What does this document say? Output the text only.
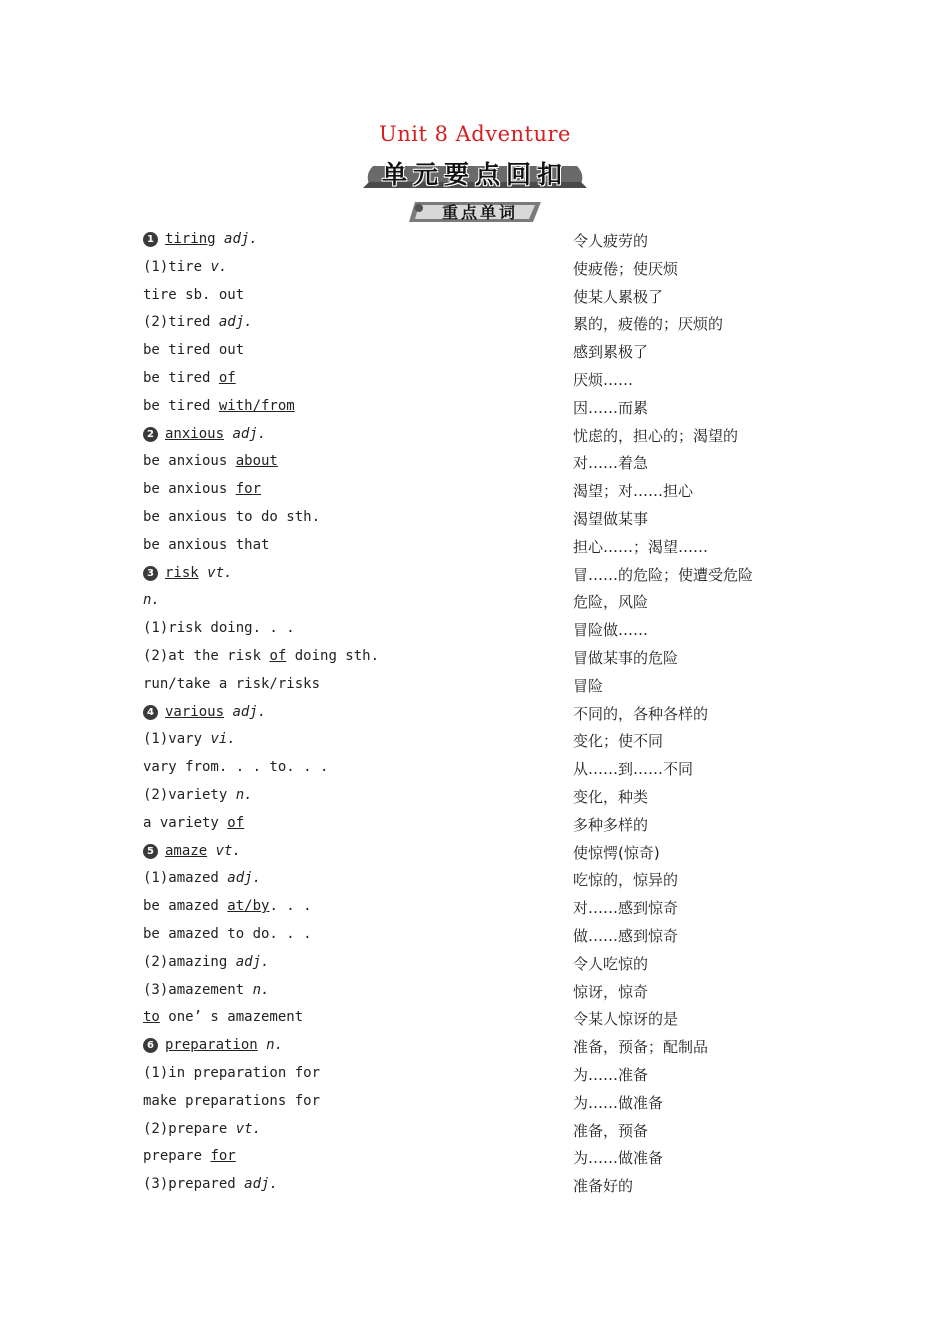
Unit 8 Adventure
单元要点回扣
重点单词
1 tiring adj.	令人疲劳的
(1)tire v.	使疲倦；使厌烦
tire sb. out	使某人累极了
(2)tired adj.	累的，疲倦的；厌烦的
be tired out	感到累极了
be tired of	厌烦……
be tired with/from	因……而累
2 anxious adj.	忧虑的，担心的；渴望的
be anxious about	对……着急
be anxious for	渴望；对……担心
be anxious to do sth.	渴望做某事
be anxious that	担心……；渴望……
3 risk vt.	冒……的危险；使遭受危险
n.	危险，风险
(1)risk doing. . .	冒险做……
(2)at the risk of doing sth.	冒做某事的危险
run/take a risk/risks	冒险
4 various adj.	不同的，各种各样的
(1)vary vi.	变化；使不同
vary from. . . to. . .	从……到……不同
(2)variety n.	变化，种类
a variety of	多种多样的
5 amaze vt.	使惊愕(惊奇)
(1)amazed adj.	吃惊的，惊异的
be amazed at/by. . .	对……感到惊奇
be amazed to do. . .	做……感到惊奇
(2)amazing adj.	令人吃惊的
(3)amazement n.	惊讶，惊奇
to one’ s amazement	令某人惊讶的是
6 preparation n.	准备，预备；配制品
(1)in preparation for	为……准备
make preparations for	为……做准备
(2)prepare vt.	准备，预备
prepare for	为……做准备
(3)prepared adj.	准备好的
